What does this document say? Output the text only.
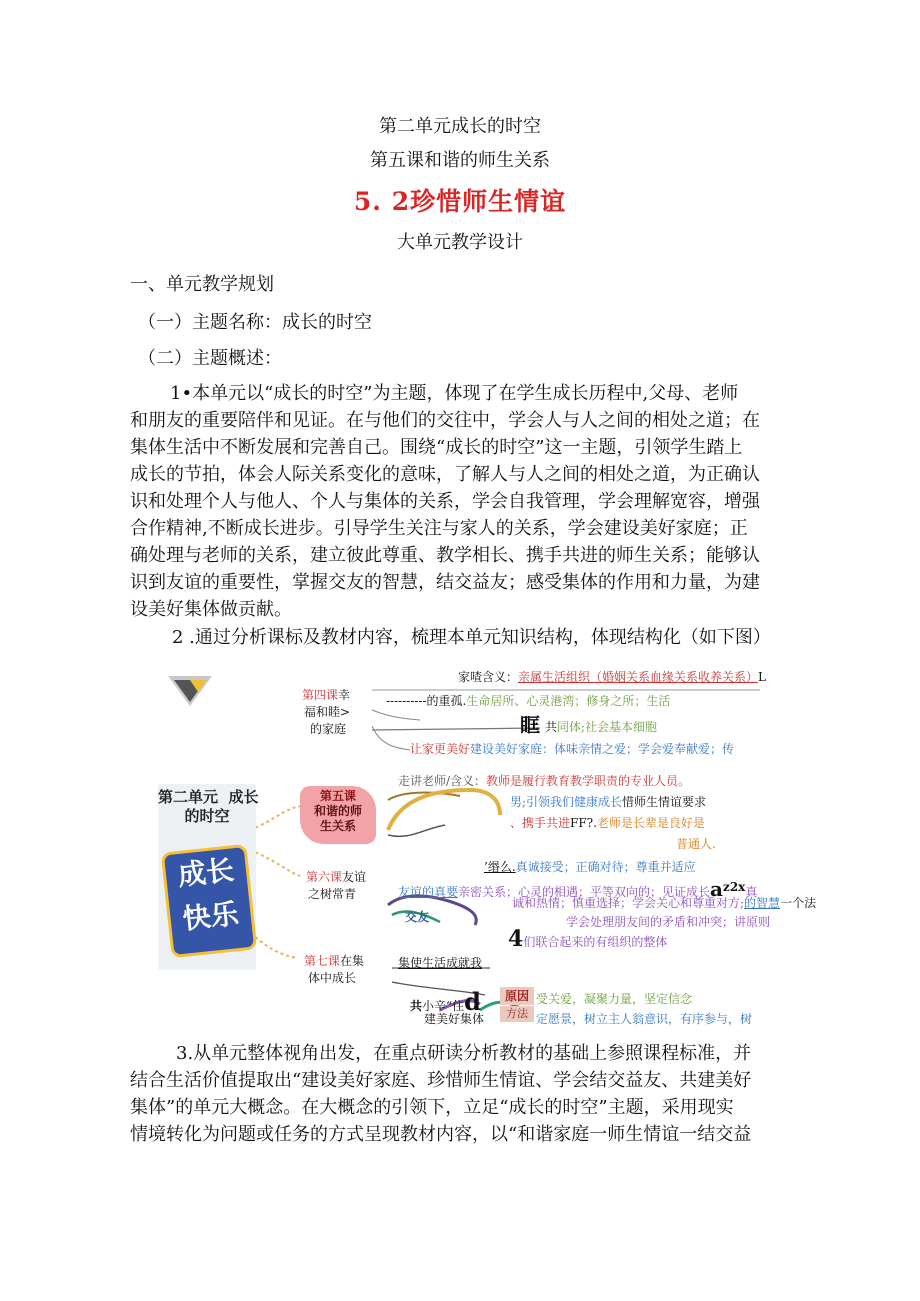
第二单元成长的时空
第五课和谐的师生关系
5. 2珍惜师生情谊
大单元教学设计
一、单元教学规划
（一）主题名称：成长的时空
（二）主题概述：
1•本单元以“成长的时空”为主题，体现了在学生成长历程中,父母、老师
和朋友的重要陪伴和见证。在与他们的交往中，学会人与人之间的相处之道；在
集体生活中不断发展和完善自己。围绕“成长的时空”这一主题，引领学生踏上
成长的节拍，体会人际关系变化的意味，了解人与人之间的相处之道，为正确认
识和处理个人与他人、个人与集体的关系，学会自我管理，学会理解宽容，增强
合作精神,不断成长进步。引导学生关注与家人的关系，学会建设美好家庭；正
确处理与老师的关系，建立彼此尊重、教学相长、携手共进的师生关系；能够认
识到友谊的重要性，掌握交友的智慧，结交益友；感受集体的作用和力量，为建
设美好集体做贡献。
2 .通过分析课标及教材内容，梳理本单元知识结构，体现结构化（如下图）
第二单元  成长
的时空
成长
快乐
第四课幸
福和睦>
的家庭
第五课
和谐的师
生关系
第六课友谊
之树常青
第七课在集
体中成长
家喳含义：亲属生活组织（婚姻关系血缘关系收养关系）L
----------的重孤.生命居所、心灵港湾；修身之所；生活
眶 共同体;社会基本细胞
让家更美好建设美好家庭：体味亲情之爱；学会爱奉献爱；传
走讲老师/含义：教师是履行教育教学职责的专业人员。
男;引领我们健康成长惜师生情谊要求
、携手共进FF?.老师是长辈是良好是
普通人.
’缗么.真诚接受；正确对待；尊重并适应
友谊的真要亲密关系；心灵的相遇；平等双向的；见证成长$a^{z2x}$真
交友
诚和热情；慎重选择；学会关心和尊重对方;的智慧一个法
学会处理朋友间的矛盾和冲突；讲原则
4们联合起来的有组织的整体
集使生活成就我
共小辛“住d	原因 受关爱，凝聚力量，坚定信念
建美好集体	方法 定愿景，树立主人翁意识，有序参与，树
3.从单元整体视角出发，在重点研读分析教材的基础上参照课程标准，并
结合生活价值提取出“建设美好家庭、珍惜师生情谊、学会结交益友、共建美好
集体”的单元大概念。在大概念的引领下，立足“成长的时空”主题，采用现实
情境转化为问题或任务的方式呈现教材内容，以“和谐家庭一师生情谊一结交益
